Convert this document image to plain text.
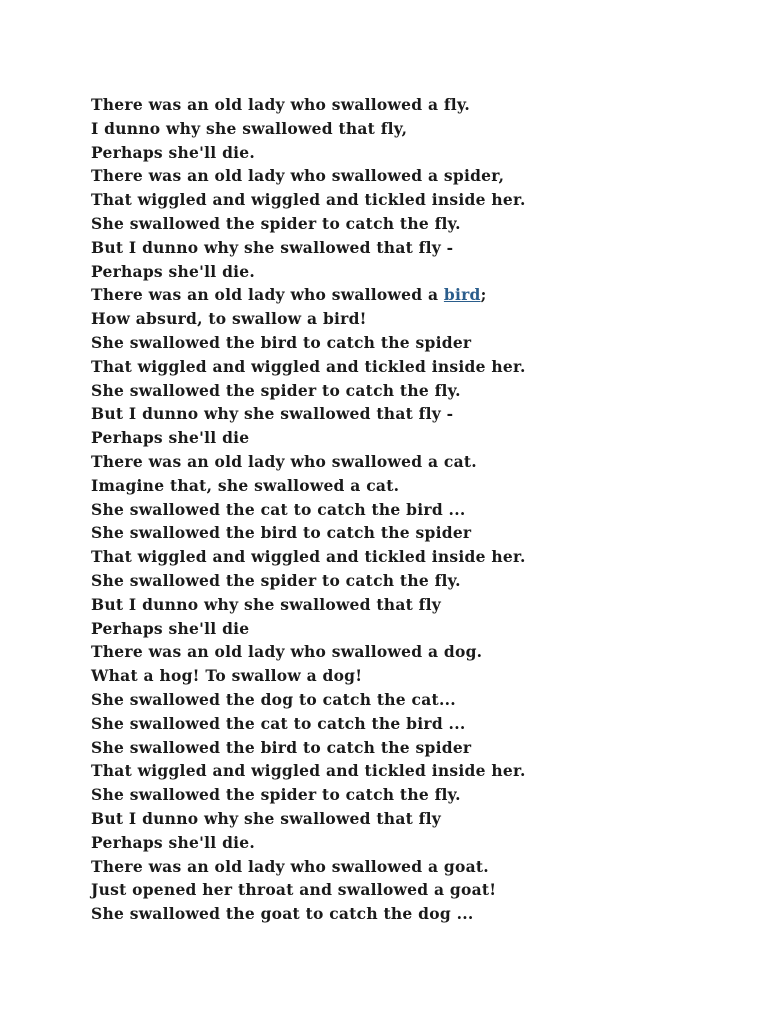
There was an old lady who swallowed a fly.
I dunno why she swallowed that fly,
Perhaps she'll die.
There was an old lady who swallowed a spider,
That wiggled and wiggled and tickled inside her.
She swallowed the spider to catch the fly.
But I dunno why she swallowed that fly -
Perhaps she'll die.
There was an old lady who swallowed a bird;
How absurd, to swallow a bird!
She swallowed the bird to catch the spider
That wiggled and wiggled and tickled inside her.
She swallowed the spider to catch the fly.
But I dunno why she swallowed that fly -
Perhaps she'll die
There was an old lady who swallowed a cat.
Imagine that, she swallowed a cat.
She swallowed the cat to catch the bird ...
She swallowed the bird to catch the spider
That wiggled and wiggled and tickled inside her.
She swallowed the spider to catch the fly.
But I dunno why she swallowed that fly
Perhaps she'll die
There was an old lady who swallowed a dog.
What a hog! To swallow a dog!
She swallowed the dog to catch the cat...
She swallowed the cat to catch the bird ...
She swallowed the bird to catch the spider
That wiggled and wiggled and tickled inside her.
She swallowed the spider to catch the fly.
But I dunno why she swallowed that fly
Perhaps she'll die.
There was an old lady who swallowed a goat.
Just opened her throat and swallowed a goat!
She swallowed the goat to catch the dog ...
